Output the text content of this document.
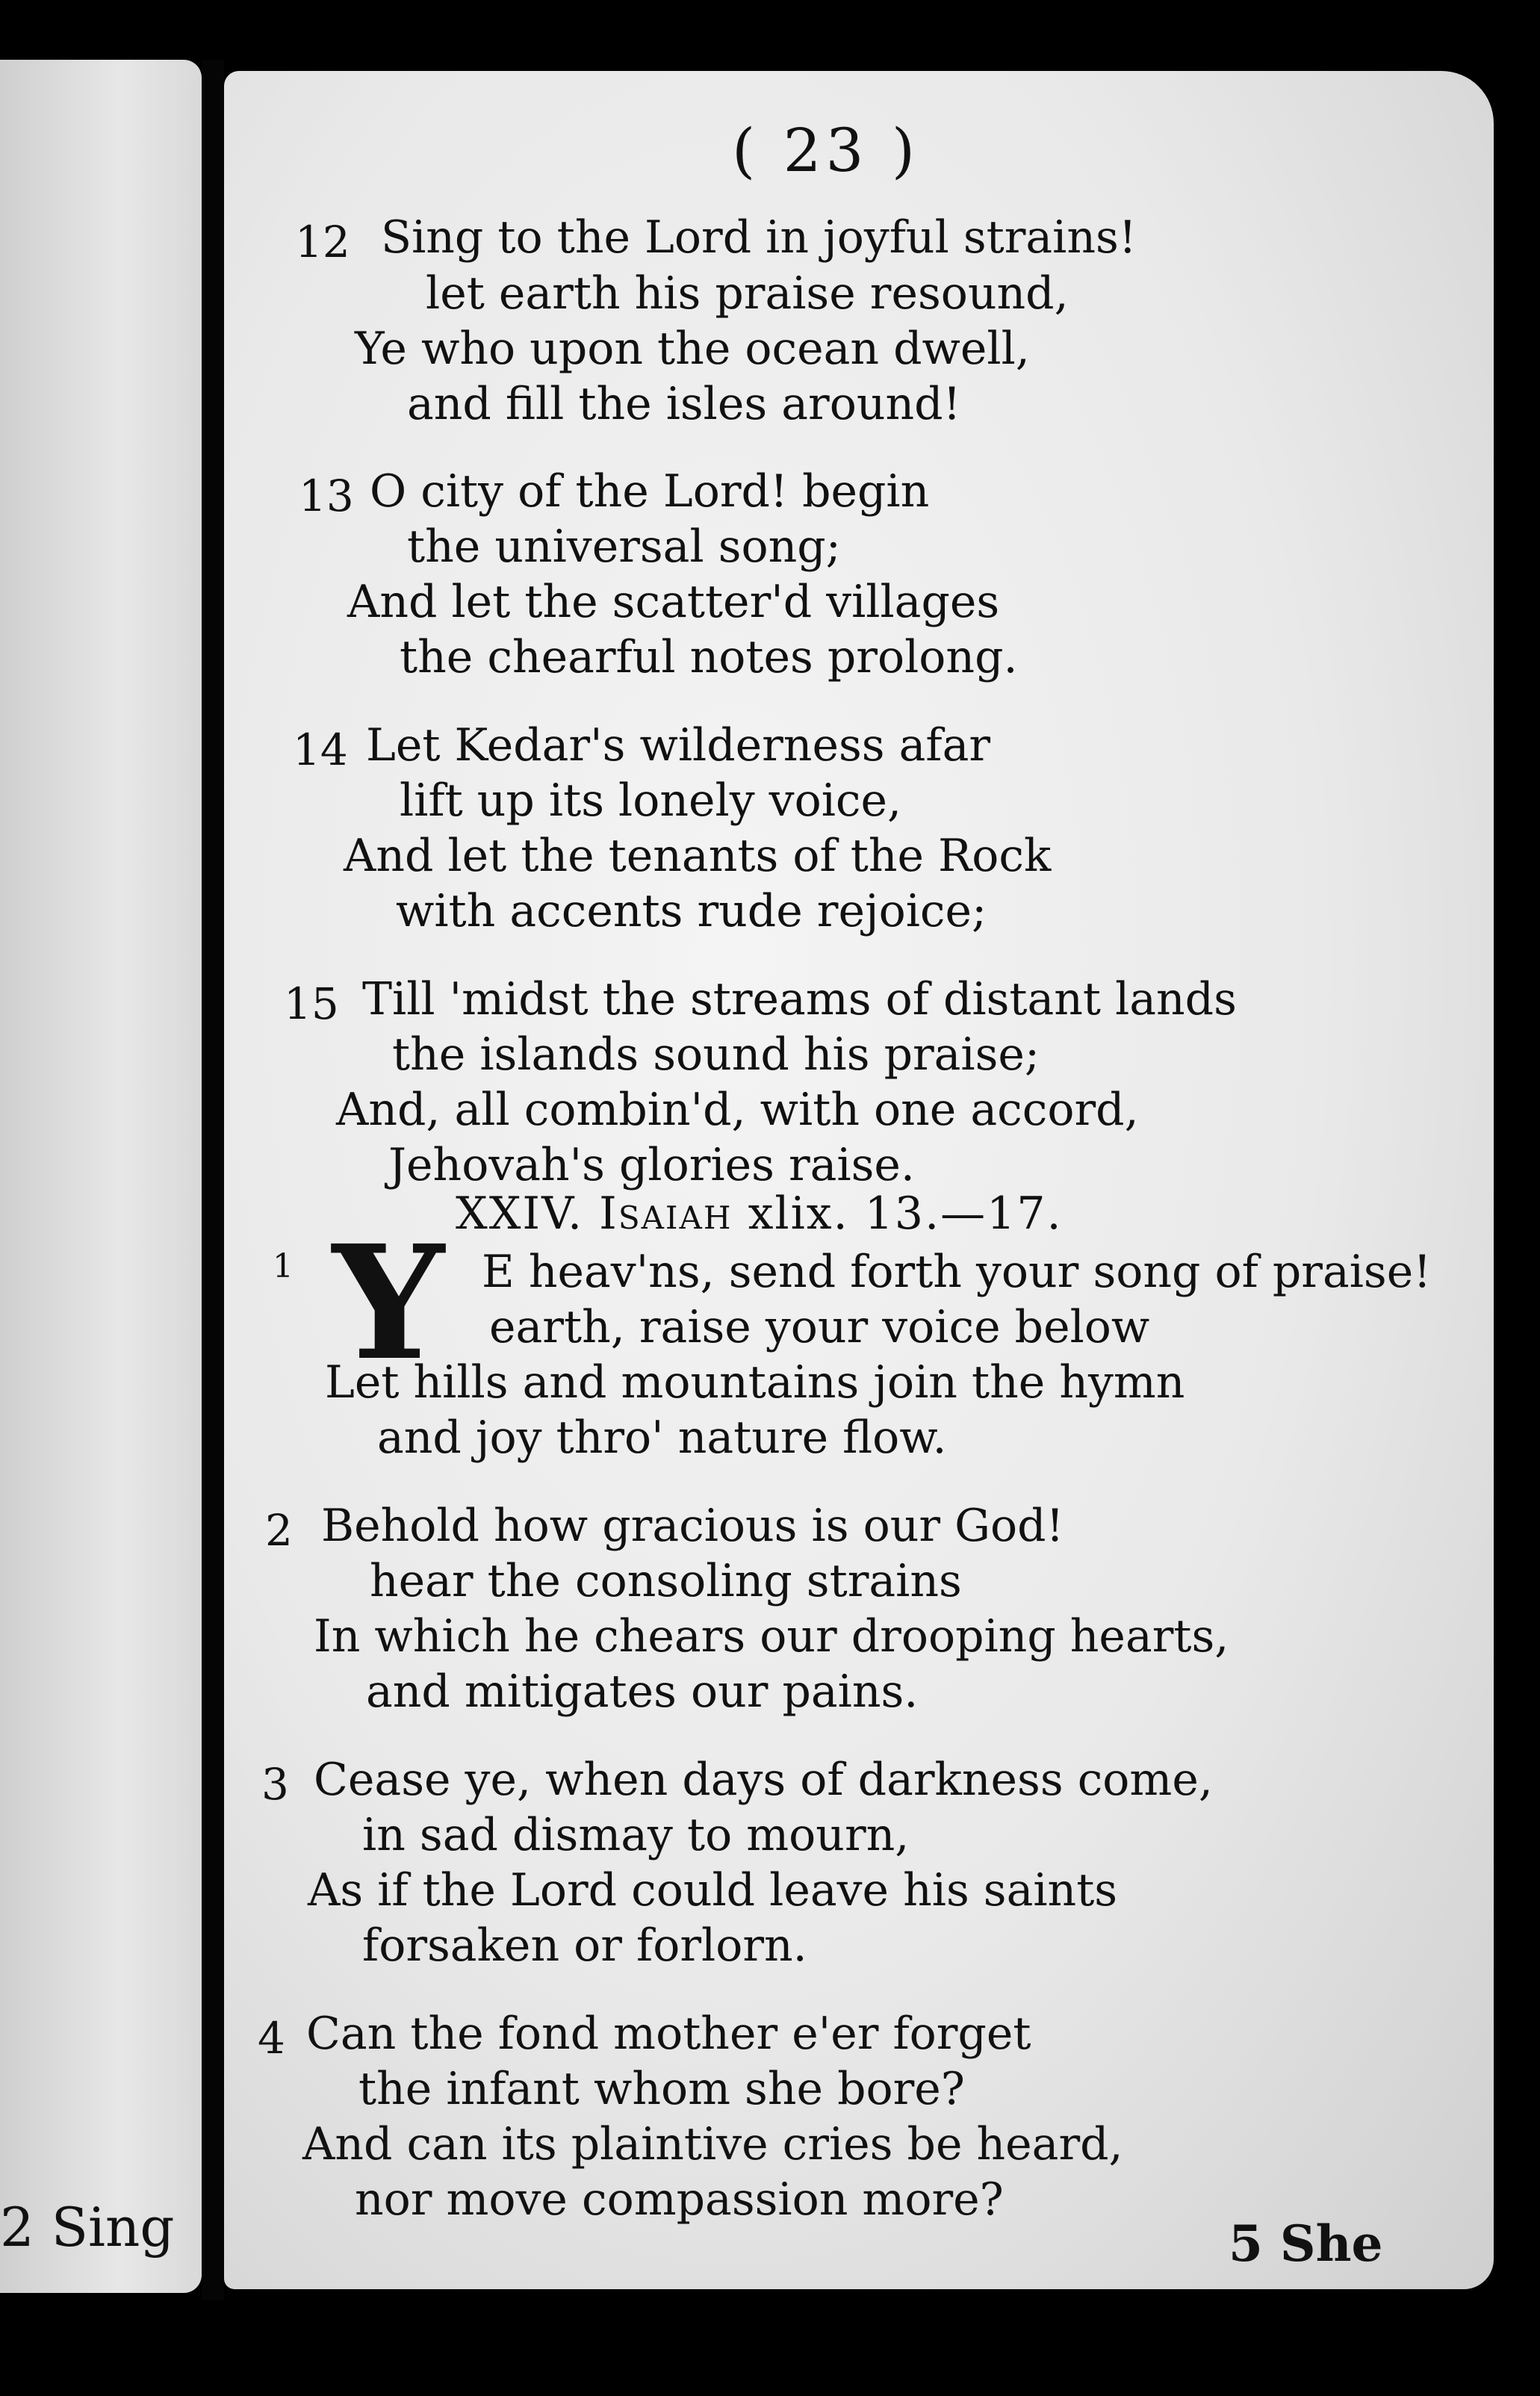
2 Sing
( 23 )
12 Sing to the Lord in joyful strains!
let earth his praise resound,
Ye who upon the ocean dwell,
and fill the isles around!
13 O city of the Lord! begin
the universal song;
And let the scatter'd villages
the chearful notes prolong.
14 Let Kedar's wilderness afar
lift up its lonely voice,
And let the tenants of the Rock
with accents rude rejoice;
15 Till 'midst the streams of distant lands
the islands sound his praise;
And, all combin'd, with one accord,
Jehovah's glories raise.
XXIV. Isaiah xlix. 13.—17.
1 Y E heav'ns, send forth your song of praise!
earth, raise your voice below
Let hills and mountains join the hymn
and joy thro' nature flow.
2 Behold how gracious is our God!
hear the consoling strains
In which he chears our drooping hearts,
and mitigates our pains.
3 Cease ye, when days of darkness come,
in sad dismay to mourn,
As if the Lord could leave his saints
forsaken or forlorn.
4 Can the fond mother e'er forget
the infant whom she bore?
And can its plaintive cries be heard,
nor move compassion more?
5 She
